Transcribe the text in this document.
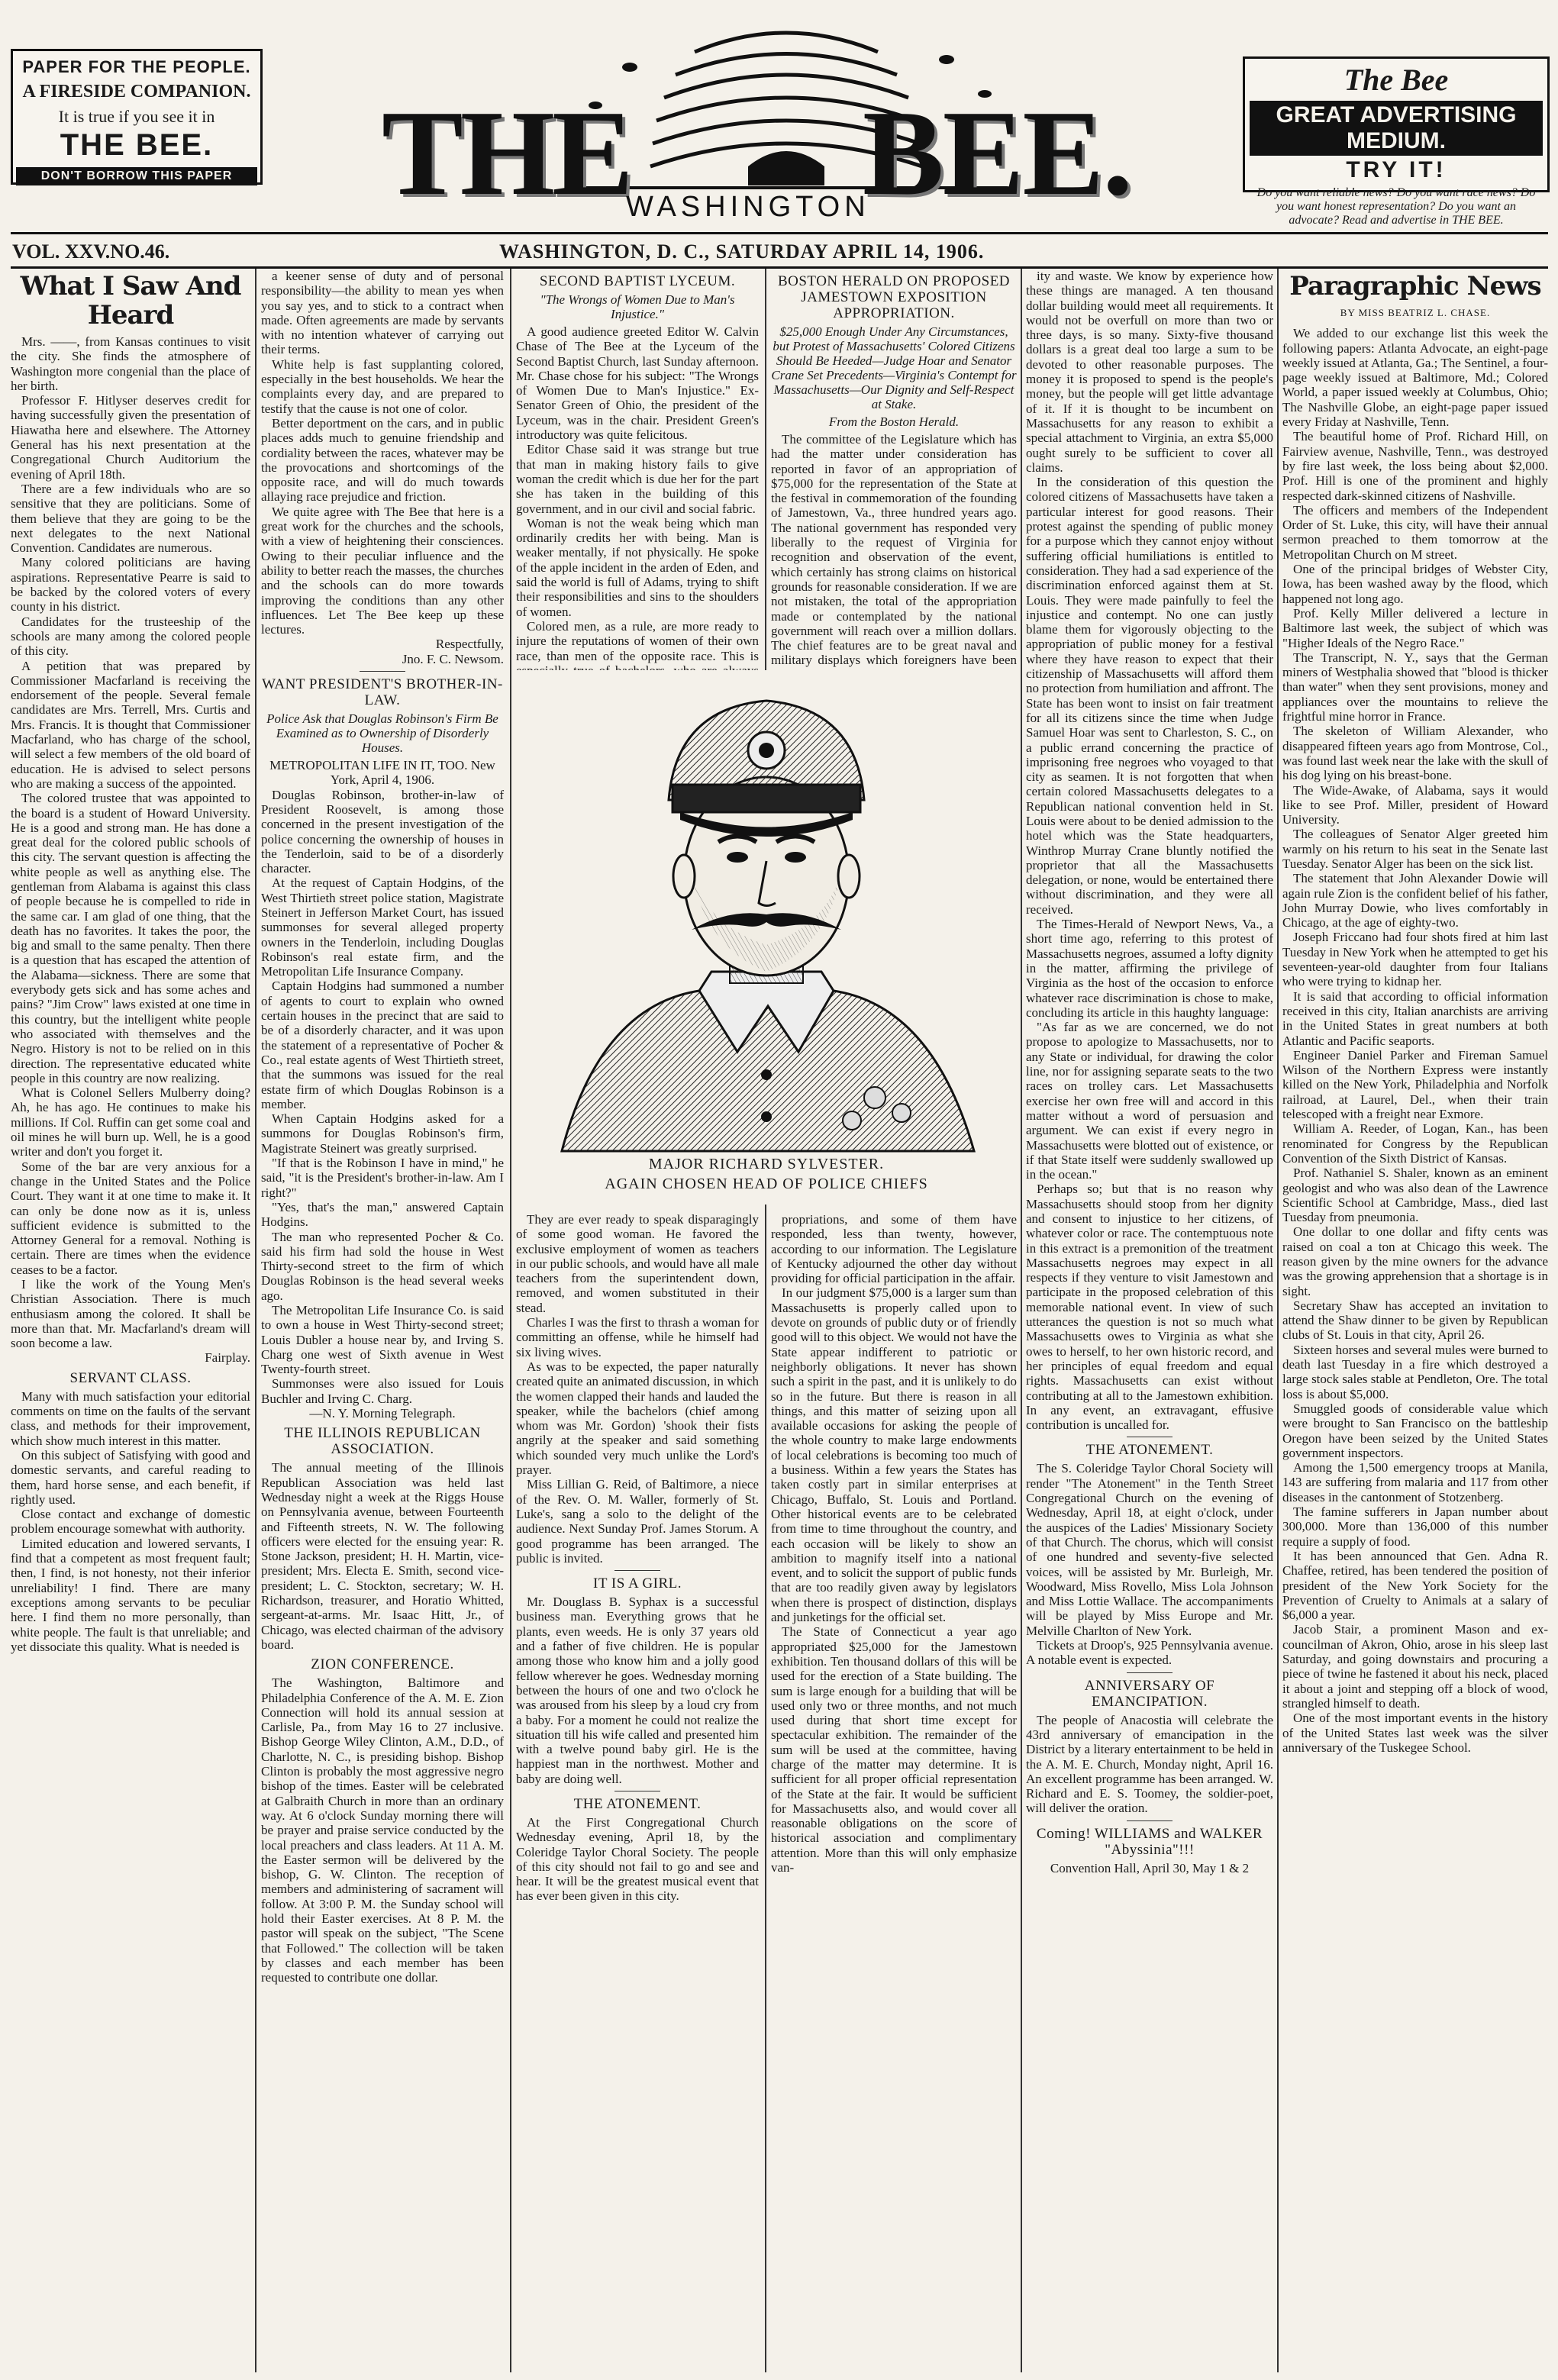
PAPER FOR THE PEOPLE.
A FIRESIDE COMPANION.
It is true if you see it in
THE BEE.
DON'T BORROW THIS PAPER THE BEE.
WASHINGTON
The Bee
GREAT ADVERTISING MEDIUM.
TRY IT!
Do you want reliable news? Do you want race news? Do you want honest representation? Do you want an advocate? Read and advertise in THE BEE.
VOL. XXV.NO.46.	WASHINGTON, D. C., SATURDAY APRIL 14, 1906.
What I Saw And Heard

Mrs. ——, from Kansas continues to visit the city. She finds the atmosphere of Washington more congenial than the place of her birth.

Professor F. Hitlyser deserves credit for having successfully given the presentation of Hiawatha here and elsewhere. The Attorney General has his next presentation at the Congregational Church Auditorium the evening of April 18th.

There are a few individuals who are so sensitive that they are politicians. Some of them believe that they are going to be the next delegates to the next National Convention. Candidates are numerous.

Many colored politicians are having aspirations. Representative Pearre is said to be backed by the colored voters of every county in his district.

Candidates for the trusteeship of the schools are many among the colored people of this city.

A petition that was prepared by Commissioner Macfarland is receiving the endorsement of the people. Several female candidates are Mrs. Terrell, Mrs. Curtis and Mrs. Francis. It is thought that Commissioner Macfarland, who has charge of the school, will select a few members of the old board of education. He is advised to select persons who are making a success of the appointed.

The colored trustee that was appointed to the board is a student of Howard University. He is a good and strong man. He has done a great deal for the colored public schools of this city. The servant question is affecting the white people as well as anything else. The gentleman from Alabama is against this class of people because he is compelled to ride in the same car. I am glad of one thing, that the death has no favorites. It takes the poor, the big and small to the same penalty. Then there is a question that has escaped the attention of the Alabama—sickness. There are some that everybody gets sick and has some aches and pains? "Jim Crow" laws existed at one time in this country, but the intelligent white people who associated with themselves and the Negro. History is not to be relied on in this direction. The representative educated white people in this country are now realizing.

What is Colonel Sellers Mulberry doing? Ah, he has ago. He continues to make his millions. If Col. Ruffin can get some coal and oil mines he will burn up. Well, he is a good writer and don't you forget it.

Some of the bar are very anxious for a change in the United States and the Police Court. They want it at one time to make it. It can only be done now as it is, unless sufficient evidence is submitted to the Attorney General for a removal. Nothing is certain. There are times when the evidence ceases to be a factor.

I like the work of the Young Men's Christian Association. There is much enthusiasm among the colored. It shall be more than that. Mr. Macfarland's dream will soon become a law.

Fairplay.

SERVANT CLASS.

Many with much satisfaction your editorial comments on time on the faults of the servant class, and methods for their improvement, which show much interest in this matter.

On this subject of Satisfying with good and domestic servants, and careful reading to them, hard horse sense, and each benefit, if rightly used.

Close contact and exchange of domestic problem encourage somewhat with authority.

Limited education and lowered servants, I find that a competent as most frequent fault; then, I find, is not honesty, not their inferior unreliability! I find. There are many exceptions among servants to be peculiar here. I find them no more personally, than white people. The fault is that unreliable; and yet dissociate this quality. What is needed is

a keener sense of duty and of personal responsibility—the ability to mean yes when you say yes, and to stick to a contract when made. Often agreements are made by servants with no intention whatever of carrying out their terms.

White help is fast supplanting colored, especially in the best households. We hear the complaints every day, and are prepared to testify that the cause is not one of color.

Better deportment on the cars, and in public places adds much to genuine friendship and cordiality between the races, whatever may be the provocations and shortcomings of the opposite race, and will do much towards allaying race prejudice and friction.

We quite agree with The Bee that here is a great work for the churches and the schools, with a view of heightening their consciences. Owing to their peculiar influence and the ability to better reach the masses, the churches and the schools can do more towards improving the conditions than any other influences. Let The Bee keep up these lectures.

Respectfully,

Jno. F. C. Newsom.

WANT PRESIDENT'S BROTHER-IN-LAW.
Police Ask that Douglas Robinson's Firm Be Examined as to Ownership of Disorderly Houses.

METROPOLITAN LIFE IN IT, TOO. New York, April 4, 1906.

Douglas Robinson, brother-in-law of President Roosevelt, is among those concerned in the present investigation of the police concerning the ownership of houses in the Tenderloin, said to be of a disorderly character.

At the request of Captain Hodgins, of the West Thirtieth street police station, Magistrate Steinert in Jefferson Market Court, has issued summonses for several alleged property owners in the Tenderloin, including Douglas Robinson's real estate firm, and the Metropolitan Life Insurance Company.

Captain Hodgins had summoned a number of agents to court to explain who owned certain houses in the precinct that are said to be of a disorderly character, and it was upon the statement of a representative of Pocher & Co., real estate agents of West Thirtieth street, that the summons was issued for the real estate firm of which Douglas Robinson is a member.

When Captain Hodgins asked for a summons for Douglas Robinson's firm, Magistrate Steinert was greatly surprised.

"If that is the Robinson I have in mind," he said, "it is the President's brother-in-law. Am I right?"

"Yes, that's the man," answered Captain Hodgins.

The man who represented Pocher & Co. said his firm had sold the house in West Thirty-second street to the firm of which Douglas Robinson is the head several weeks ago.

The Metropolitan Life Insurance Co. is said to own a house in West Thirty-second street; Louis Dubler a house near by, and Irving S. Charg one west of Sixth avenue in West Twenty-fourth street.

Summonses were also issued for Louis Buchler and Irving C. Charg.

—N. Y. Morning Telegraph.

THE ILLINOIS REPUBLICAN ASSOCIATION.

The annual meeting of the Illinois Republican Association was held last Wednesday night a week at the Riggs House on Pennsylvania avenue, between Fourteenth and Fifteenth streets, N. W. The following officers were elected for the ensuing year: R. Stone Jackson, president; H. H. Martin, vice-president; Mrs. Electa E. Smith, second vice-president; L. C. Stockton, secretary; W. H. Richardson, treasurer, and Horatio Whitted, sergeant-at-arms. Mr. Isaac Hitt, Jr., of Chicago, was elected chairman of the advisory board.

ZION CONFERENCE.

The Washington, Baltimore and Philadelphia Conference of the A. M. E. Zion Connection will hold its annual session at Carlisle, Pa., from May 16 to 27 inclusive. Bishop George Wiley Clinton, A.M., D.D., of Charlotte, N. C., is presiding bishop. Bishop Clinton is probably the most aggressive negro bishop of the times. Easter will be celebrated at Galbraith Church in more than an ordinary way. At 6 o'clock Sunday morning there will be prayer and praise service conducted by the local preachers and class leaders. At 11 A. M. the Easter sermon will be delivered by the bishop, G. W. Clinton. The reception of members and administering of sacrament will follow. At 3:00 P. M. the Sunday school will hold their Easter exercises. At 8 P. M. the pastor will speak on the subject, "The Scene that Followed." The collection will be taken by classes and each member has been requested to contribute one dollar.

SECOND BAPTIST LYCEUM.
"The Wrongs of Women Due to Man's Injustice."

A good audience greeted Editor W. Calvin Chase of The Bee at the Lyceum of the Second Baptist Church, last Sunday afternoon. Mr. Chase chose for his subject: "The Wrongs of Women Due to Man's Injustice." Ex-Senator Green of Ohio, the president of the Lyceum, was in the chair. President Green's introductory was quite felicitous.

Editor Chase said it was strange but true that man in making history fails to give woman the credit which is due her for the part she has taken in the building of this government, and in our civil and social fabric.

Woman is not the weak being which man ordinarily credits her with being. Man is weaker mentally, if not physically. He spoke of the apple incident in the arden of Eden, and said the world is full of Adams, trying to shift their responsibilities and sins to the shoulders of women.

Colored men, as a rule, are more ready to injure the reputations of women of their own race, than men of the opposite race. This is

BOSTON HERALD ON PROPOSED JAMESTOWN EXPOSITION APPROPRIATION.
$25,000 Enough Under Any Circumstances, but Protest of Massachusetts' Colored Citizens Should Be Heeded—Judge Hoar and Senator Crane Set Precedents—Virginia's Contempt for Massachusetts—Our Dignity and Self-Respect at Stake.
From the Boston Herald.

The committee of the Legislature which has had the matter under consideration has reported in favor of an appropriation of $75,000 for the representation of the State at the festival in commemoration of the founding of Jamestown, Va., three hundred years ago. The national government has responded very liberally to the request of Virginia for recognition and observation of the event, which certainly has strong claims on historical grounds for reasonable consideration. If we are not mistaken, the total of the appropriation made or contemplated by the national government will reach over a million dollars. The chief features are to be great naval and military displays which foreigners have been

MAJOR RICHARD SYLVESTER.
AGAIN CHOSEN HEAD OF POLICE CHIEFS

They are ever ready to speak disparagingly of some good woman. He favored the exclusive employment of women as teachers in our public schools, and would have all male teachers from the superintendent down, removed, and women substituted in their stead.

Charles I was the first to thrash a woman for committing an offense, while he himself had six living wives.

As was to be expected, the paper naturally created quite an animated discussion, in which the women clapped their hands and lauded the speaker, while the bachelors (chief among whom was Mr. Gordon) 'shook their fists angrily at the speaker and said something which sounded very much unlike the Lord's prayer.

Miss Lillian G. Reid, of Baltimore, a niece of the Rev. O. M. Waller, formerly of St. Luke's, sang a solo to the delight of the audience. Next Sunday Prof. James Storum. A good programme has been arranged. The public is invited.

IT IS A GIRL.

Mr. Douglass B. Syphax is a successful business man. Everything grows that he plants, even weeds. He is only 37 years old and a father of five children. He is popular among those who know him and a jolly good fellow wherever he goes. Wednesday morning between the hours of one and two o'clock he was aroused from his sleep by a loud cry from a baby. For a moment he could not realize the situation till his wife called and presented him with a twelve pound baby girl. He is the happiest man in the northwest. Mother and baby are doing well.

THE ATONEMENT.

At the First Congregational Church Wednesday evening, April 18, by the Coleridge Taylor Choral Society. The people of this city should not fail to go and see and hear. It will be the greatest musical event that has ever been given in this city.

propriations, and some of them have responded, less than twenty, however, according to our information. The Legislature of Kentucky adjourned the other day without providing for official participation in the affair.

In our judgment $75,000 is a larger sum than Massachusetts is properly called upon to devote on grounds of public duty or of friendly good will to this object. We would not have the State appear indifferent to patriotic or neighborly obligations. It never has shown such a spirit in the past, and it is unlikely to do so in the future. But there is reason in all things, and this matter of seizing upon all available occasions for asking the people of the whole country to make large endowments of local celebrations is becoming too much of a business. Within a few years the States has taken costly part in similar enterprises at Chicago, Buffalo, St. Louis and Portland. Other historical events are to be celebrated from time to time throughout the country, and each occasion will be likely to show an ambition to magnify itself into a national event, and to solicit the support of public funds that are too readily given away by legislators when there is prospect of distinction, displays and junketings for the official set.

The State of Connecticut a year ago appropriated $25,000 for the Jamestown exhibition. Ten thousand dollars of this will be used for the erection of a State building. The sum is large enough for a building that will be used only two or three months, and not much used during that short time except for spectacular exhibition. The remainder of the sum will be used at the committee, having charge of the matter may determine. It is sufficient for all proper official representation of the State at the fair. It would be sufficient for Massachusetts also, and would cover all reasonable obligations on the score of historical association and complimentary attention. More than this will only emphasize van-

ity and waste. We know by experience how these things are managed. A ten thousand dollar building would meet all requirements. It would not be overfull on more than two or three days, is so many. Sixty-five thousand dollars is a great deal too large a sum to be devoted to other reasonable purposes. The money it is proposed to spend is the people's money, but the people will get little advantage of it. If it is thought to be incumbent on Massachusetts for any reason to exhibit a special attachment to Virginia, an extra $5,000 ought surely to be sufficient to cover all claims.

In the consideration of this question the colored citizens of Massachusetts have taken a particular interest for good reasons. Their protest against the spending of public money for a purpose which they cannot enjoy without suffering official humiliations is entitled to consideration. They had a sad experience of the discrimination enforced against them at St. Louis. They were made painfully to feel the injustice and contempt. No one can justly blame them for vigorously objecting to the appropriation of public money for a festival where they have reason to expect that their citizenship of Massachusetts will afford them no protection from humiliation and affront. The State has been wont to insist on fair treatment for all its citizens since the time when Judge Samuel Hoar was sent to Charleston, S. C., on a public errand concerning the practice of imprisoning free negroes who voyaged to that city as seamen. It is not forgotten that when certain colored Massachusetts delegates to a Republican national convention held in St. Louis were about to be denied admission to the hotel which was the State headquarters, Winthrop Murray Crane bluntly notified the proprietor that all the Massachusetts delegation, or none, would be entertained there without discrimination, and they were all received.

The Times-Herald of Newport News, Va., a short time ago, referring to this protest of Massachusetts negroes, assumed a lofty dignity in the matter, affirming the privilege of Virginia as the host of the occasion to enforce whatever race discrimination is chose to make, concluding its article in this haughty language:

"As far as we are concerned, we do not propose to apologize to Massachusetts, nor to any State or individual, for drawing the color line, nor for assigning separate seats to the two races on trolley cars. Let Massachusetts exercise her own free will and accord in this matter without a word of persuasion and argument. We can exist if every negro in Massachusetts were blotted out of existence, or if that State itself were suddenly swallowed up in the ocean."

Perhaps so; but that is no reason why Massachusetts should stoop from her dignity and consent to injustice to her citizens, of whatever color or race. The contemptuous note in this extract is a premonition of the treatment Massachusetts negroes may expect in all respects if they venture to visit Jamestown and participate in the proposed celebration of this memorable national event. In view of such utterances the question is not so much what Massachusetts owes to Virginia as what she owes to herself, to her own historic record, and her principles of equal freedom and equal rights. Massachusetts can exist without contributing at all to the Jamestown exhibition. In any event, an extravagant, effusive contribution is uncalled for.

THE ATONEMENT.

The S. Coleridge Taylor Choral Society will render "The Atonement" in the Tenth Street Congregational Church on the evening of Wednesday, April 18, at eight o'clock, under the auspices of the Ladies' Missionary Society of that Church. The chorus, which will consist of one hundred and seventy-five selected voices, will be assisted by Mr. Burleigh, Mr. Woodward, Miss Rovello, Miss Lola Johnson and Miss Lottie Wallace. The accompaniments will be played by Miss Europe and Mr. Melville Charlton of New York.

Tickets at Droop's, 925 Pennsylvania avenue. A notable event is expected.

ANNIVERSARY OF EMANCIPATION.

The people of Anacostia will celebrate the 43rd anniversary of emancipation in the District by a literary entertainment to be held in the A. M. E. Church, Monday night, April 16. An excellent programme has been arranged. W. Richard and E. S. Toomey, the soldier-poet, will deliver the oration.

Coming! WILLIAMS and WALKER "Abyssinia"!!!

Convention Hall, April 30, May 1 & 2

Paragraphic News
BY MISS BEATRIZ L. CHASE.

We added to our exchange list this week the following papers: Atlanta Advocate, an eight-page weekly issued at Atlanta, Ga.; The Sentinel, a four-page weekly issued at Baltimore, Md.; Colored World, a paper issued weekly at Columbus, Ohio; The Nashville Globe, an eight-page paper issued every Friday at Nashville, Tenn.

The beautiful home of Prof. Richard Hill, on Fairview avenue, Nashville, Tenn., was destroyed by fire last week, the loss being about $2,000. Prof. Hill is one of the prominent and highly respected dark-skinned citizens of Nashville.

The officers and members of the Independent Order of St. Luke, this city, will have their annual sermon preached to them tomorrow at the Metropolitan Church on M street.

One of the principal bridges of Webster City, Iowa, has been washed away by the flood, which happened not long ago.

Prof. Kelly Miller delivered a lecture in Baltimore last week, the subject of which was "Higher Ideals of the Negro Race."

The Transcript, N. Y., says that the German miners of Westphalia showed that "blood is thicker than water" when they sent provisions, money and appliances over the mountains to relieve the frightful mine horror in France.

The skeleton of William Alexander, who disappeared fifteen years ago from Montrose, Col., was found last week near the lake with the skull of his dog lying on his breast-bone.

The Wide-Awake, of Alabama, says it would like to see Prof. Miller, president of Howard University.

The colleagues of Senator Alger greeted him warmly on his return to his seat in the Senate last Tuesday. Senator Alger has been on the sick list.

The statement that John Alexander Dowie will again rule Zion is the confident belief of his father, John Murray Dowie, who lives comfortably in Chicago, at the age of eighty-two.

Joseph Friccano had four shots fired at him last Tuesday in New York when he attempted to get his seventeen-year-old daughter from four Italians who were trying to kidnap her.

It is said that according to official information received in this city, Italian anarchists are arriving in the United States in great numbers at both Atlantic and Pacific seaports.

Engineer Daniel Parker and Fireman Samuel Wilson of the Northern Express were instantly killed on the New York, Philadelphia and Norfolk railroad, at Laurel, Del., when their train telescoped with a freight near Exmore.

William A. Reeder, of Logan, Kan., has been renominated for Congress by the Republican Convention of the Sixth District of Kansas.

Prof. Nathaniel S. Shaler, known as an eminent geologist and who was also dean of the Lawrence Scientific School at Cambridge, Mass., died last Tuesday from pneumonia.

One dollar to one dollar and fifty cents was raised on coal a ton at Chicago this week. The reason given by the mine owners for the advance was the growing apprehension that a shortage is in sight.

Secretary Shaw has accepted an invitation to attend the Shaw dinner to be given by Republican clubs of St. Louis in that city, April 26.

Sixteen horses and several mules were burned to death last Tuesday in a fire which destroyed a large stock sales stable at Pendleton, Ore. The total loss is about $5,000.

Smuggled goods of considerable value which were brought to San Francisco on the battleship Oregon have been seized by the United States government inspectors.

Among the 1,500 emergency troops at Manila, 143 are suffering from malaria and 117 from other diseases in the cantonment of Stotzenberg.

The famine sufferers in Japan number about 300,000. More than 136,000 of this number require a supply of food.

It has been announced that Gen. Adna R. Chaffee, retired, has been tendered the position of president of the New York Society for the Prevention of Cruelty to Animals at a salary of $6,000 a year.

Jacob Stair, a prominent Mason and ex-councilman of Akron, Ohio, arose in his sleep last Saturday, and going downstairs and procuring a piece of twine he fastened it about his neck, placed it about a joint and stepping off a block of wood, strangled himself to death.

One of the most important events in the history of the United States last week was the silver anniversary of the Tuskegee School.
